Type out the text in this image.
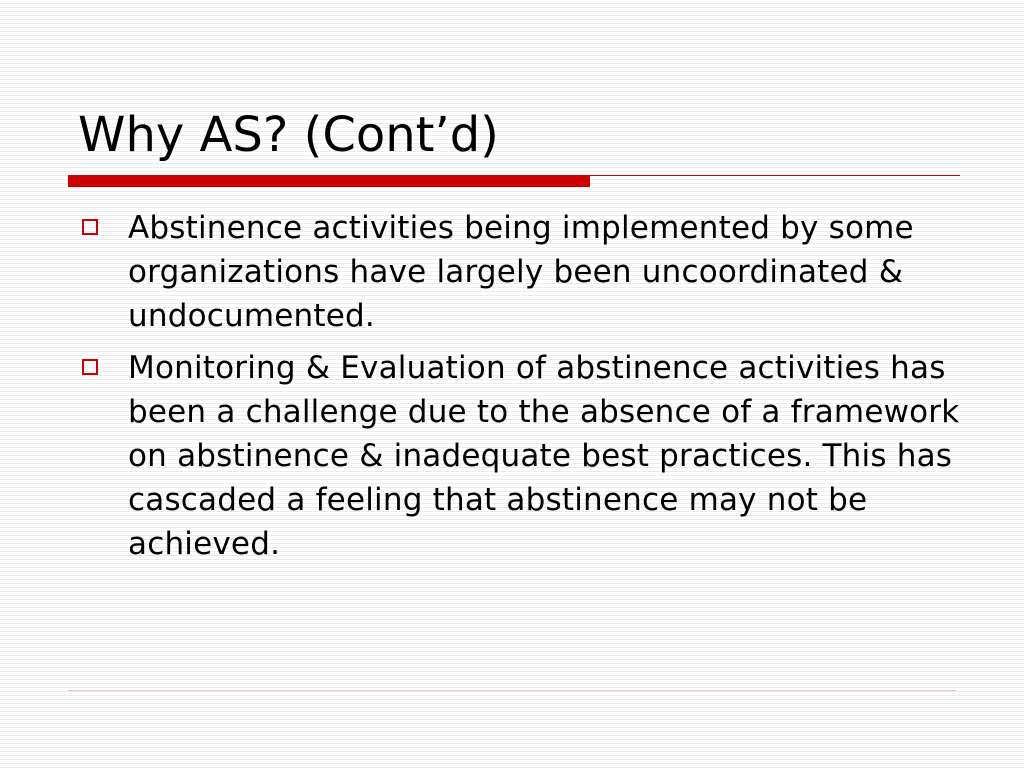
Why AS? (Cont’d)
Abstinence activities being implemented by some organizations have largely been uncoordinated & undocumented.
Monitoring & Evaluation of abstinence activities has been a challenge due to the absence of a framework on abstinence & inadequate best practices. This has cascaded a feeling that abstinence may not be achieved.
